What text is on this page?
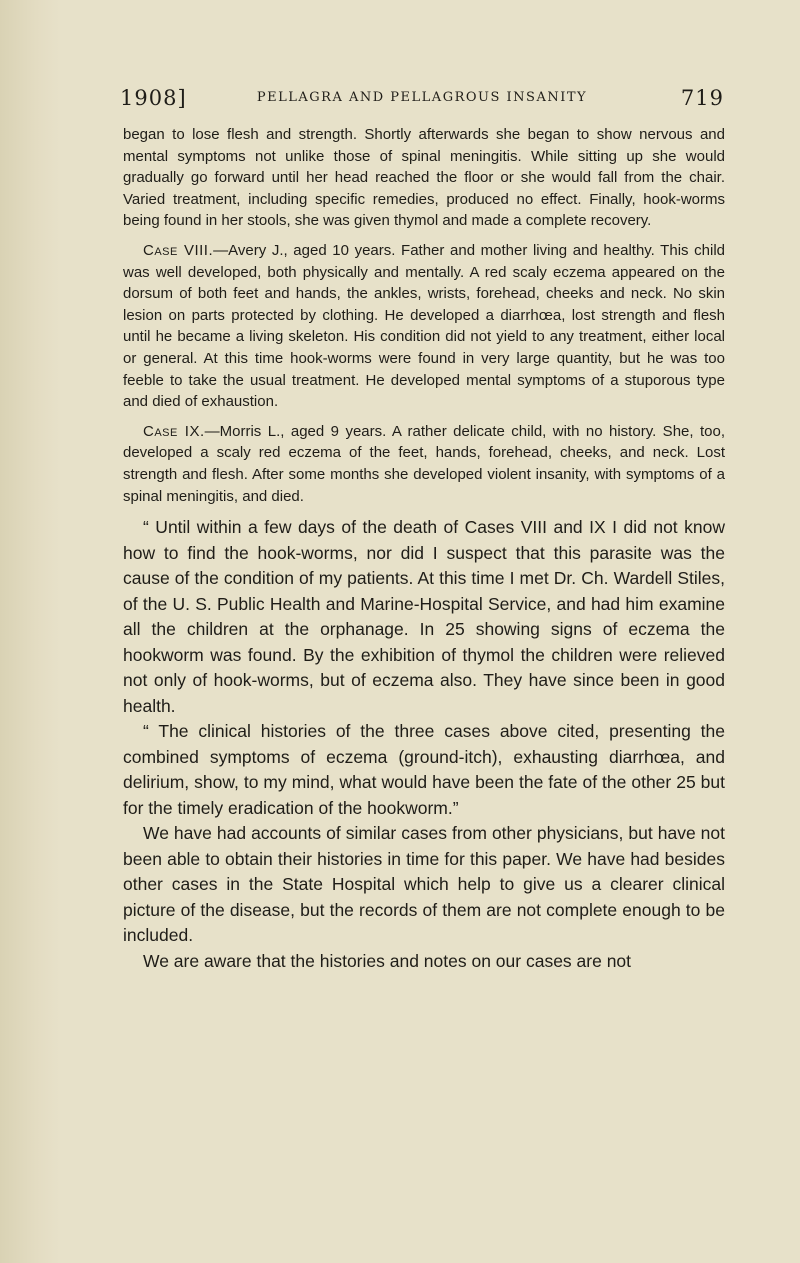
1908]	PELLAGRA AND PELLAGROUS INSANITY	719

began to lose flesh and strength. Shortly afterwards she began to show nervous and mental symptoms not unlike those of spinal meningitis. While sitting up she would gradually go forward until her head reached the floor or she would fall from the chair. Varied treatment, including specific remedies, produced no effect. Finally, hook-worms being found in her stools, she was given thymol and made a complete recovery.

Case VIII.—Avery J., aged 10 years. Father and mother living and healthy. This child was well developed, both physically and mentally. A red scaly eczema appeared on the dorsum of both feet and hands, the ankles, wrists, forehead, cheeks and neck. No skin lesion on parts protected by clothing. He developed a diarrhœa, lost strength and flesh until he became a living skeleton. His condition did not yield to any treatment, either local or general. At this time hook-worms were found in very large quantity, but he was too feeble to take the usual treatment. He developed mental symptoms of a stuporous type and died of exhaustion.

Case IX.—Morris L., aged 9 years. A rather delicate child, with no history. She, too, developed a scaly red eczema of the feet, hands, forehead, cheeks, and neck. Lost strength and flesh. After some months she developed violent insanity, with symptoms of a spinal meningitis, and died.

“ Until within a few days of the death of Cases VIII and IX I did not know how to find the hook-worms, nor did I suspect that this parasite was the cause of the condition of my patients. At this time I met Dr. Ch. Wardell Stiles, of the U. S. Public Health and Marine-Hospital Service, and had him examine all the children at the orphanage. In 25 showing signs of eczema the hookworm was found. By the exhibition of thymol the children were relieved not only of hook-worms, but of eczema also. They have since been in good health.

“ The clinical histories of the three cases above cited, presenting the combined symptoms of eczema (ground-itch), exhausting diarrhœa, and delirium, show, to my mind, what would have been the fate of the other 25 but for the timely eradication of the hookworm.”

We have had accounts of similar cases from other physicians, but have not been able to obtain their histories in time for this paper. We have had besides other cases in the State Hospital which help to give us a clearer clinical picture of the disease, but the records of them are not complete enough to be included.

We are aware that the histories and notes on our cases are not
